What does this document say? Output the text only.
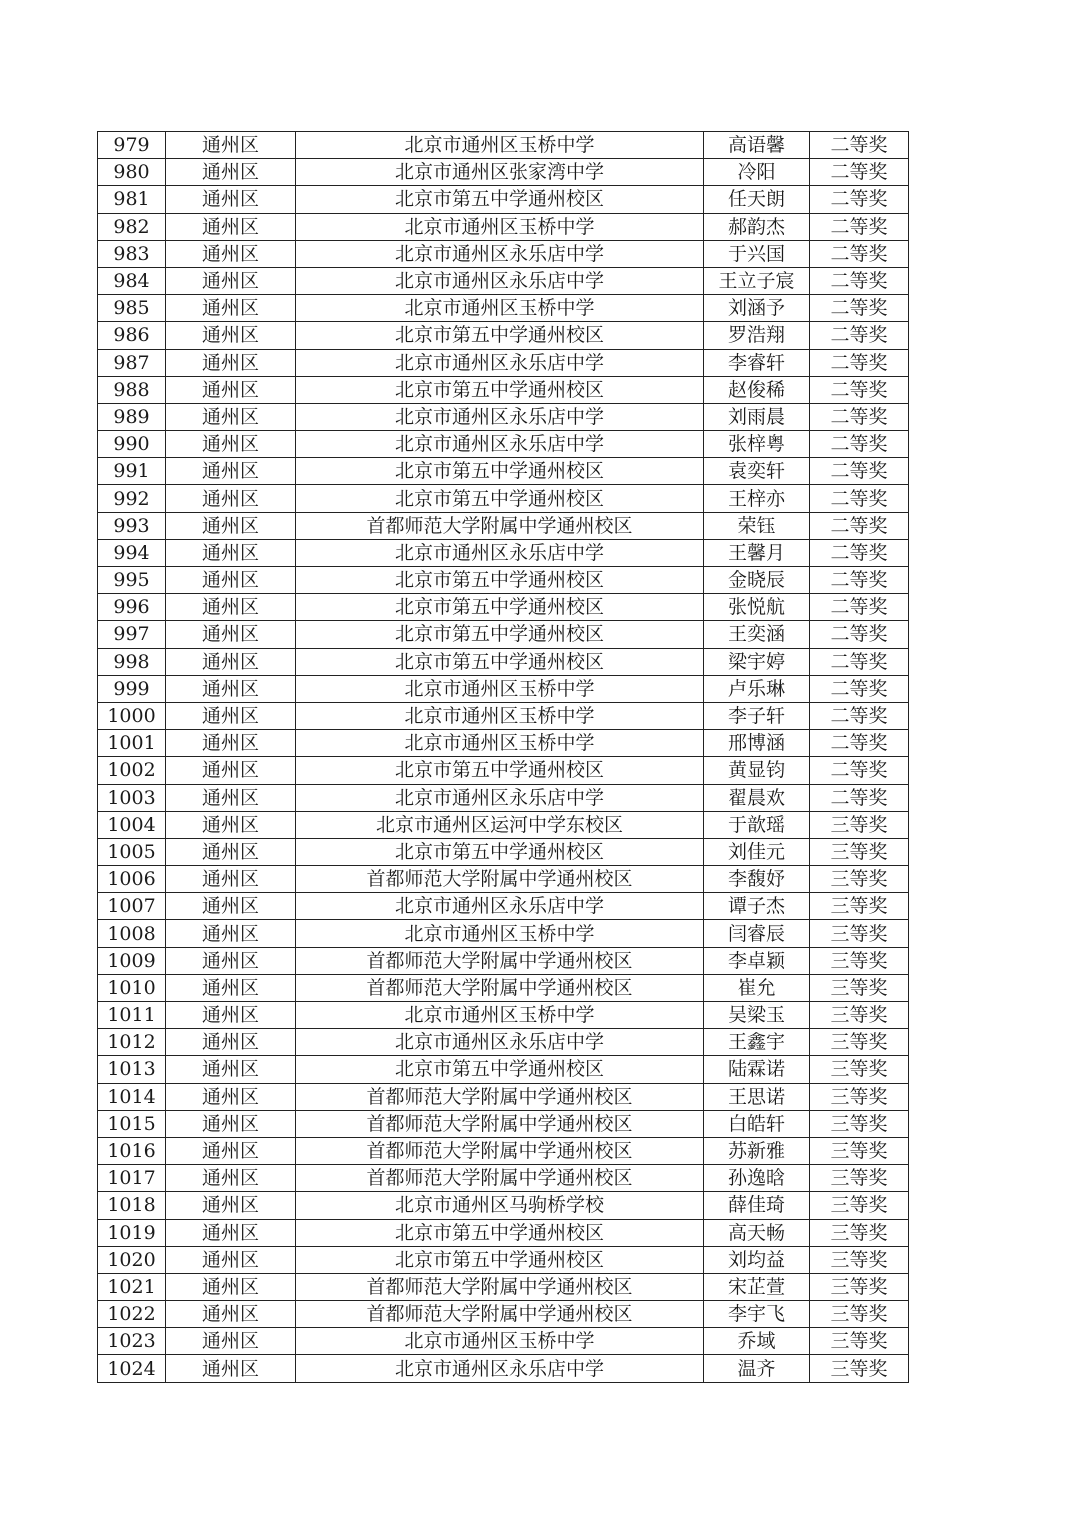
979	通州区	北京市通州区玉桥中学	高语馨	二等奖
980	通州区	北京市通州区张家湾中学	冷阳	二等奖
981	通州区	北京市第五中学通州校区	任天朗	二等奖
982	通州区	北京市通州区玉桥中学	郝韵杰	二等奖
983	通州区	北京市通州区永乐店中学	于兴国	二等奖
984	通州区	北京市通州区永乐店中学	王立子宸	二等奖
985	通州区	北京市通州区玉桥中学	刘涵予	二等奖
986	通州区	北京市第五中学通州校区	罗浩翔	二等奖
987	通州区	北京市通州区永乐店中学	李睿轩	二等奖
988	通州区	北京市第五中学通州校区	赵俊稀	二等奖
989	通州区	北京市通州区永乐店中学	刘雨晨	二等奖
990	通州区	北京市通州区永乐店中学	张梓粤	二等奖
991	通州区	北京市第五中学通州校区	袁奕轩	二等奖
992	通州区	北京市第五中学通州校区	王梓亦	二等奖
993	通州区	首都师范大学附属中学通州校区	荣钰	二等奖
994	通州区	北京市通州区永乐店中学	王馨月	二等奖
995	通州区	北京市第五中学通州校区	金晓辰	二等奖
996	通州区	北京市第五中学通州校区	张悦航	二等奖
997	通州区	北京市第五中学通州校区	王奕涵	二等奖
998	通州区	北京市第五中学通州校区	梁宇婷	二等奖
999	通州区	北京市通州区玉桥中学	卢乐琳	二等奖
1000	通州区	北京市通州区玉桥中学	李子轩	二等奖
1001	通州区	北京市通州区玉桥中学	邢博涵	二等奖
1002	通州区	北京市第五中学通州校区	黄显钧	二等奖
1003	通州区	北京市通州区永乐店中学	翟晨欢	二等奖
1004	通州区	北京市通州区运河中学东校区	于歆瑶	三等奖
1005	通州区	北京市第五中学通州校区	刘佳元	三等奖
1006	通州区	首都师范大学附属中学通州校区	李馥妤	三等奖
1007	通州区	北京市通州区永乐店中学	谭子杰	三等奖
1008	通州区	北京市通州区玉桥中学	闫睿辰	三等奖
1009	通州区	首都师范大学附属中学通州校区	李卓颖	三等奖
1010	通州区	首都师范大学附属中学通州校区	崔允	三等奖
1011	通州区	北京市通州区玉桥中学	吴梁玉	三等奖
1012	通州区	北京市通州区永乐店中学	王鑫宇	三等奖
1013	通州区	北京市第五中学通州校区	陆霖诺	三等奖
1014	通州区	首都师范大学附属中学通州校区	王思诺	三等奖
1015	通州区	首都师范大学附属中学通州校区	白皓轩	三等奖
1016	通州区	首都师范大学附属中学通州校区	苏新雅	三等奖
1017	通州区	首都师范大学附属中学通州校区	孙逸晗	三等奖
1018	通州区	北京市通州区马驹桥学校	薛佳琦	三等奖
1019	通州区	北京市第五中学通州校区	高天畅	三等奖
1020	通州区	北京市第五中学通州校区	刘均益	三等奖
1021	通州区	首都师范大学附属中学通州校区	宋芷萱	三等奖
1022	通州区	首都师范大学附属中学通州校区	李宇飞	三等奖
1023	通州区	北京市通州区玉桥中学	乔域	三等奖
1024	通州区	北京市通州区永乐店中学	温齐	三等奖
